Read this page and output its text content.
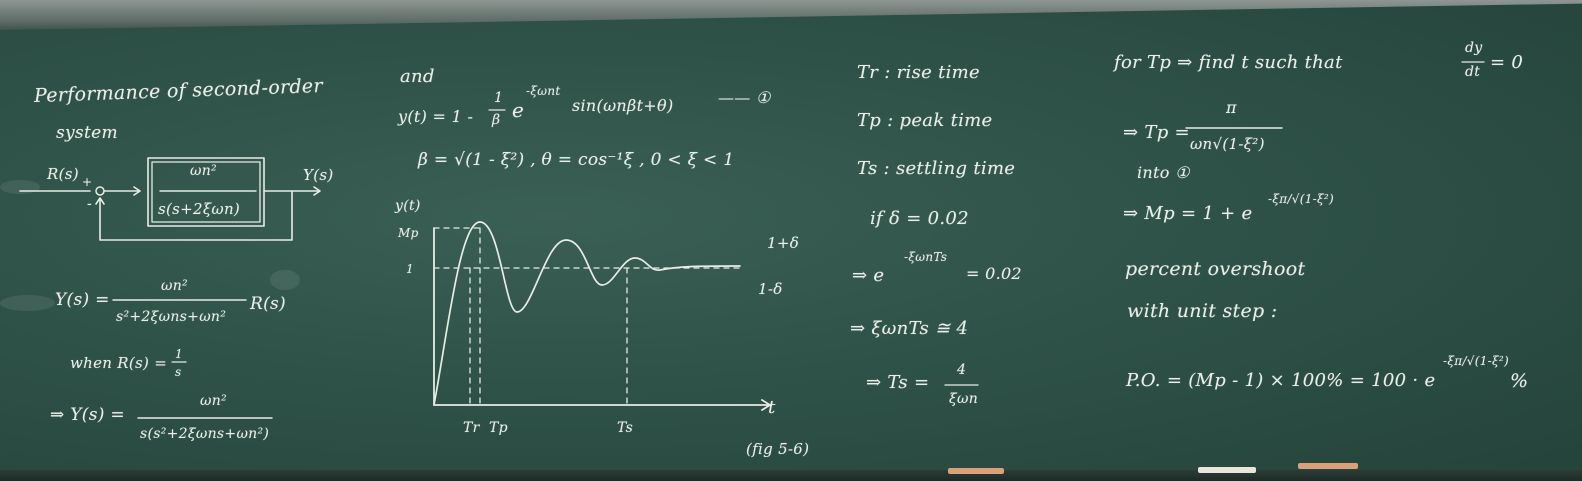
Performance of second-order
system
R(s) +
-
ωn²
s(s+2ξωn)
Y(s)
Y(s) =
ωn²
s²+2ξωns+ωn²
R(s)
when R(s) = 1
s
⇒ Y(s) =
ωn²
s(s²+2ξωns+ωn²)
and
y(t) = 1 -
1
β e
-ξωnt
sin(ωnβt+θ)	—— ①
β = √(1 - ξ²) , θ = cos⁻¹ξ , 0 < ξ < 1
y(t)
Mp
1
1+δ
1-δ
t
Tr Tp	Ts
(fig 5-6)
Tr : rise time
Tp : peak time
Ts : settling time
if δ = 0.02
⇒ e
-ξωnTs
= 0.02
⇒ ξωnTs ≅ 4
⇒ Ts =
4
ξωn
for Tp ⇒ find t such that
dy
dt = 0
⇒ Tp =
π
ωn√(1-ξ²)
into ①
⇒ Mp = 1 + e
-ξπ/√(1-ξ²)
percent overshoot
with unit step :
P.O. = (Mp - 1) × 100% = 100 · e
-ξπ/√(1-ξ²)
%
